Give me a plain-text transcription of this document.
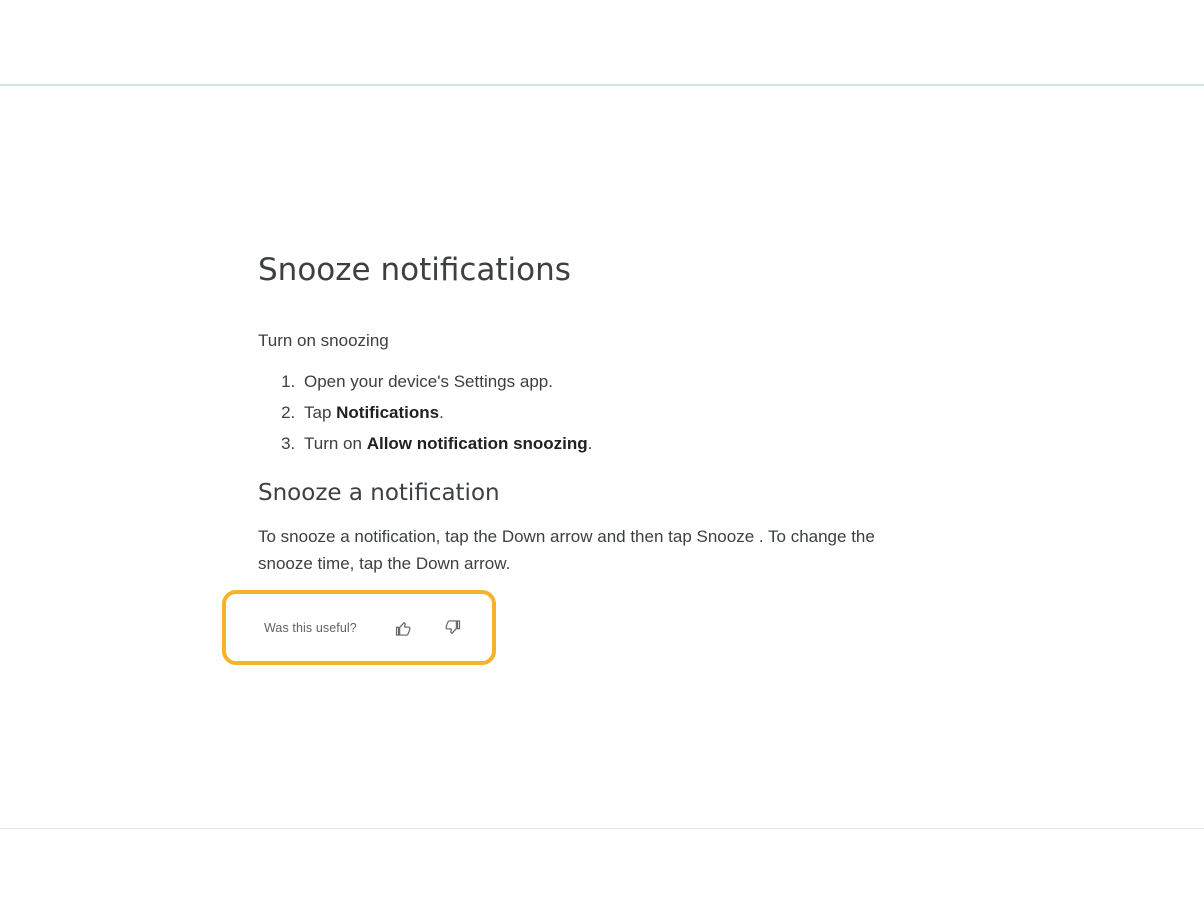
Snooze notifications

Turn on snoozing

1. Open your device's Settings app.
2. Tap Notifications.
3. Turn on Allow notification snoozing.
Snooze a notification

To snooze a notification, tap the Down arrow and then tap Snooze . To change the snooze time, tap the Down arrow.

Was this useful?
